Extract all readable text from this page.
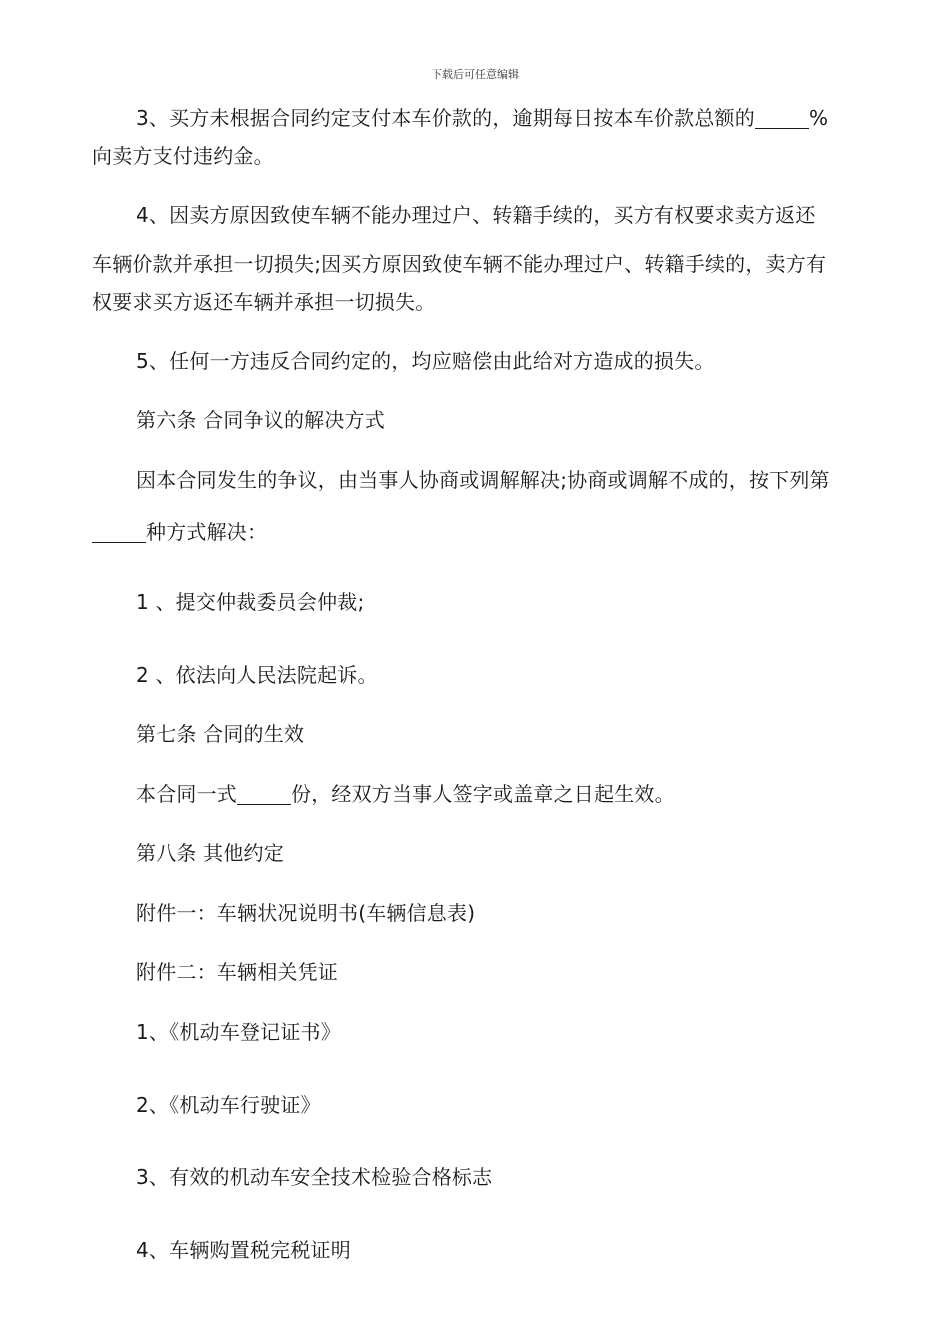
下载后可任意编辑
3、买方未根据合同约定支付本车价款的，逾期每日按本车价款总额的	%
向卖方支付违约金。
4、因卖方原因致使车辆不能办理过户、转籍手续的，买方有权要求卖方返还
车辆价款并承担一切损失;因买方原因致使车辆不能办理过户、转籍手续的，卖方有
权要求买方返还车辆并承担一切损失。
5、任何一方违反合同约定的，均应赔偿由此给对方造成的损失。
第六条 合同争议的解决方式
因本合同发生的争议，由当事人协商或调解解决;协商或调解不成的，按下列第
种方式解决：
1 、提交仲裁委员会仲裁;
2 、依法向人民法院起诉。
第七条 合同的生效
本合同一式	份，经双方当事人签字或盖章之日起生效。
第八条 其他约定
附件一：车辆状况说明书(车辆信息表)
附件二：车辆相关凭证
1、《机动车登记证书》
2、《机动车行驶证》
3、有效的机动车安全技术检验合格标志
4、车辆购置税完税证明
